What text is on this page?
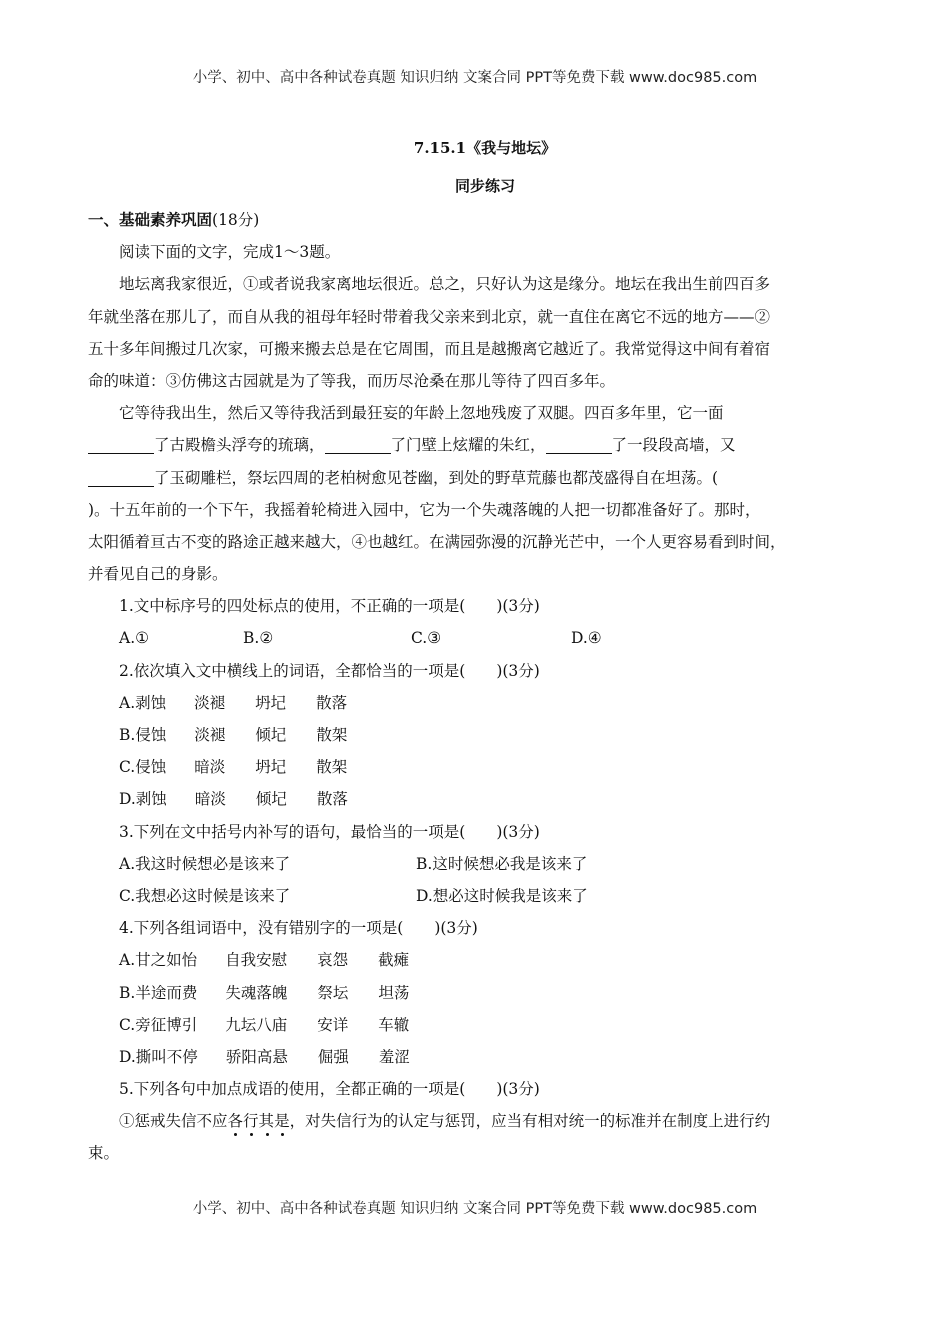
小学、初中、高中各种试卷真题 知识归纳 文案合同 PPT等免费下载 www.doc985.com
7.15.1《我与地坛》
同步练习
一、基础素养巩固(18分)
阅读下面的文字，完成1～3题。
地坛离我家很近，①或者说我家离地坛很近。总之，只好认为这是缘分。地坛在我出生前四百多
年就坐落在那儿了，而自从我的祖母年轻时带着我父亲来到北京，就一直住在离它不远的地方——②
五十多年间搬过几次家，可搬来搬去总是在它周围，而且是越搬离它越近了。我常觉得这中间有着宿
命的味道：③仿佛这古园就是为了等我，而历尽沧桑在那儿等待了四百多年。
它等待我出生，然后又等待我活到最狂妄的年龄上忽地残废了双腿。四百多年里，它一面
了古殿檐头浮夸的琉璃，	了门壁上炫耀的朱红，	了一段段高墙，又
了玉砌雕栏，祭坛四周的老柏树愈见苍幽，到处的野草荒藤也都茂盛得自在坦荡。(
)。十五年前的一个下午，我摇着轮椅进入园中，它为一个失魂落魄的人把一切都准备好了。那时，
太阳循着亘古不变的路途正越来越大，④也越红。在满园弥漫的沉静光芒中，一个人更容易看到时间，
并看见自己的身影。
1.文中标序号的四处标点的使用，不正确的一项是(　　)(3分)
A.①	B.②	C.③	D.④
2.依次填入文中横线上的词语，全都恰当的一项是(　　)(3分)
A.剥蚀 淡褪 坍圮 散落
B.侵蚀 淡褪 倾圮 散架
C.侵蚀 暗淡 坍圮 散架
D.剥蚀 暗淡 倾圮 散落
3.下列在文中括号内补写的语句，最恰当的一项是(　　)(3分)
A.我这时候想必是该来了	B.这时候想必我是该来了
C.我想必这时候是该来了	D.想必这时候我是该来了
4.下列各组词语中，没有错别字的一项是(　　)(3分)
A.甘之如怡 自我安慰 哀怨 截瘫
B.半途而费 失魂落魄 祭坛 坦荡
C.旁征博引 九坛八庙 安详 车辙
D.撕叫不停 骄阳高悬 倔强 羞涩
5.下列各句中加点成语的使用，全都正确的一项是(　　)(3分)
①惩戒失信不应各行其是，对失信行为的认定与惩罚，应当有相对统一的标准并在制度上进行约
束。
小学、初中、高中各种试卷真题 知识归纳 文案合同 PPT等免费下载 www.doc985.com
